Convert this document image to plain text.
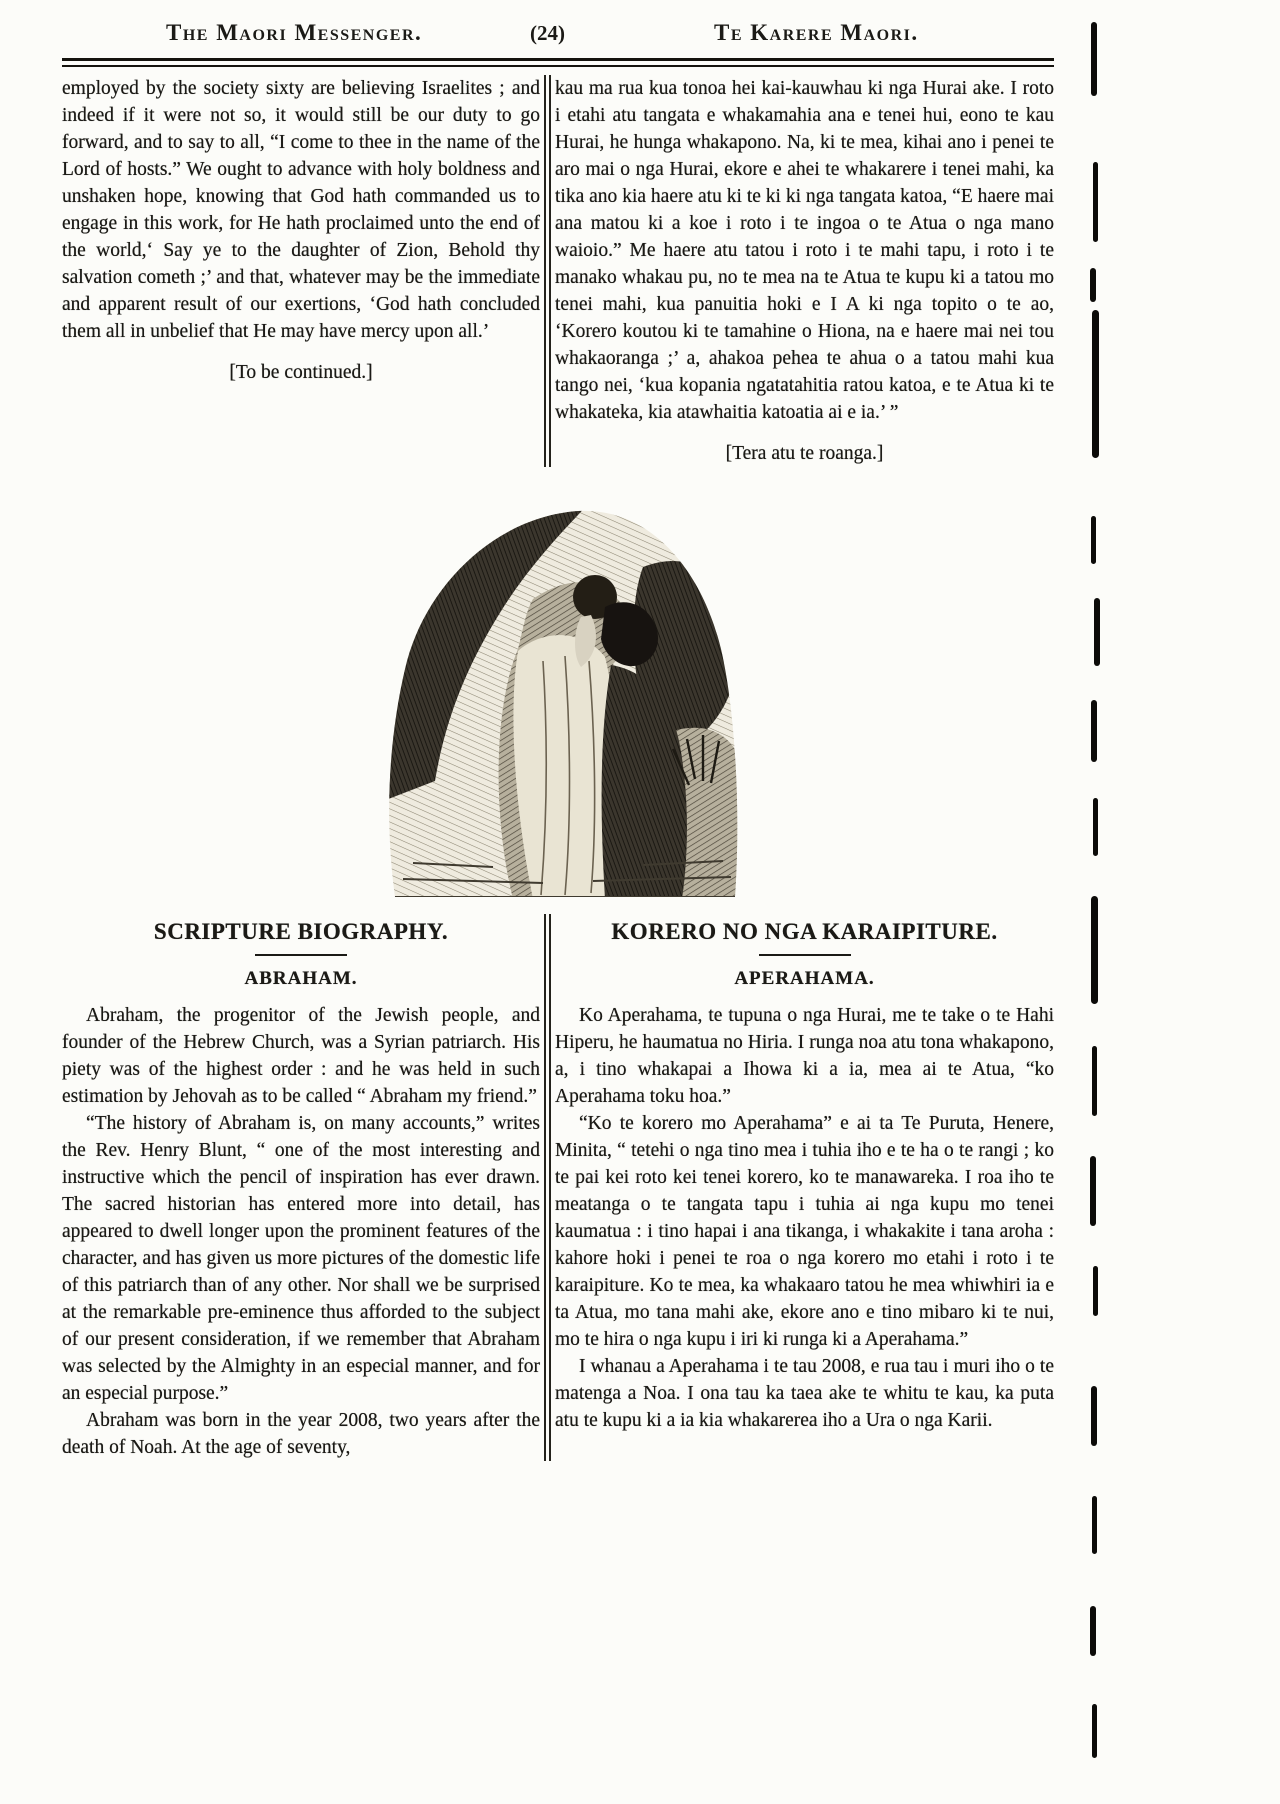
The Maori Messenger.	(24)	Te Karere Maori.

employed by the society sixty are believing Israelites ; and indeed if it were not so, it would still be our duty to go forward, and to say to all, “I come to thee in the name of the Lord of hosts.” We ought to advance with holy boldness and unshaken hope, knowing that God hath commanded us to engage in this work, for He hath proclaimed unto the end of the world,‘ Say ye to the daughter of Zion, Behold thy salvation cometh ;’ and that, whatever may be the immediate and apparent result of our exertions, ‘God hath concluded them all in unbelief that He may have mercy upon all.’

[To be continued.]

kau ma rua kua tonoa hei kai-kauwhau ki nga Hurai ake. I roto i etahi atu tangata e whakamahia ana e tenei hui, eono te kau Hurai, he hunga whakapono. Na, ki te mea, kihai ano i penei te aro mai o nga Hurai, ekore e ahei te whakarere i tenei mahi, ka tika ano kia haere atu ki te ki ki nga tangata katoa, “E haere mai ana matou ki a koe i roto i te ingoa o te Atua o nga mano waioio.” Me haere atu tatou i roto i te mahi tapu, i roto i te manako whakau pu, no te mea na te Atua te kupu ki a tatou mo tenei mahi, kua panuitia hoki e I A ki nga topito o te ao, ‘Korero koutou ki te tamahine o Hiona, na e haere mai nei tou whakaoranga ;’ a, ahakoa pehea te ahua o a tatou mahi kua tango nei, ‘kua kopania ngatatahitia ratou katoa, e te Atua ki te whakateka, kia atawhaitia katoatia ai e ia.’ ”

[Tera atu te roanga.]

SCRIPTURE BIOGRAPHY.
ABRAHAM.

Abraham, the progenitor of the Jewish people, and founder of the Hebrew Church, was a Syrian patriarch. His piety was of the highest order : and he was held in such estimation by Jehovah as to be called “ Abraham my friend.”

“The history of Abraham is, on many accounts,” writes the Rev. Henry Blunt, “ one of the most interesting and instructive which the pencil of inspiration has ever drawn. The sacred historian has entered more into detail, has appeared to dwell longer upon the prominent features of the character, and has given us more pictures of the domestic life of this patriarch than of any other. Nor shall we be surprised at the remarkable pre-eminence thus afforded to the subject of our present consideration, if we remember that Abraham was selected by the Almighty in an especial manner, and for an especial purpose.”

Abraham was born in the year 2008, two years after the death of Noah. At the age of seventy,

KORERO NO NGA KARAIPITURE.
APERAHAMA.

Ko Aperahama, te tupuna o nga Hurai, me te take o te Hahi Hiperu, he haumatua no Hiria. I runga noa atu tona whakapono, a, i tino whakapai a Ihowa ki a ia, mea ai te Atua, “ko Aperahama toku hoa.”

“Ko te korero mo Aperahama” e ai ta Te Puruta, Henere, Minita, “ tetehi o nga tino mea i tuhia iho e te ha o te rangi ; ko te pai kei roto kei tenei korero, ko te manawareka. I roa iho te meatanga o te tangata tapu i tuhia ai nga kupu mo tenei kaumatua : i tino hapai i ana tikanga, i whakakite i tana aroha : kahore hoki i penei te roa o nga korero mo etahi i roto i te karaipiture. Ko te mea, ka whakaaro tatou he mea whiwhiri ia e ta Atua, mo tana mahi ake, ekore ano e tino mibaro ki te nui, mo te hira o nga kupu i iri ki runga ki a Aperahama.”

I whanau a Aperahama i te tau 2008, e rua tau i muri iho o te matenga a Noa. I ona tau ka taea ake te whitu te kau, ka puta atu te kupu ki a ia kia whakarerea iho a Ura o nga Karii.
